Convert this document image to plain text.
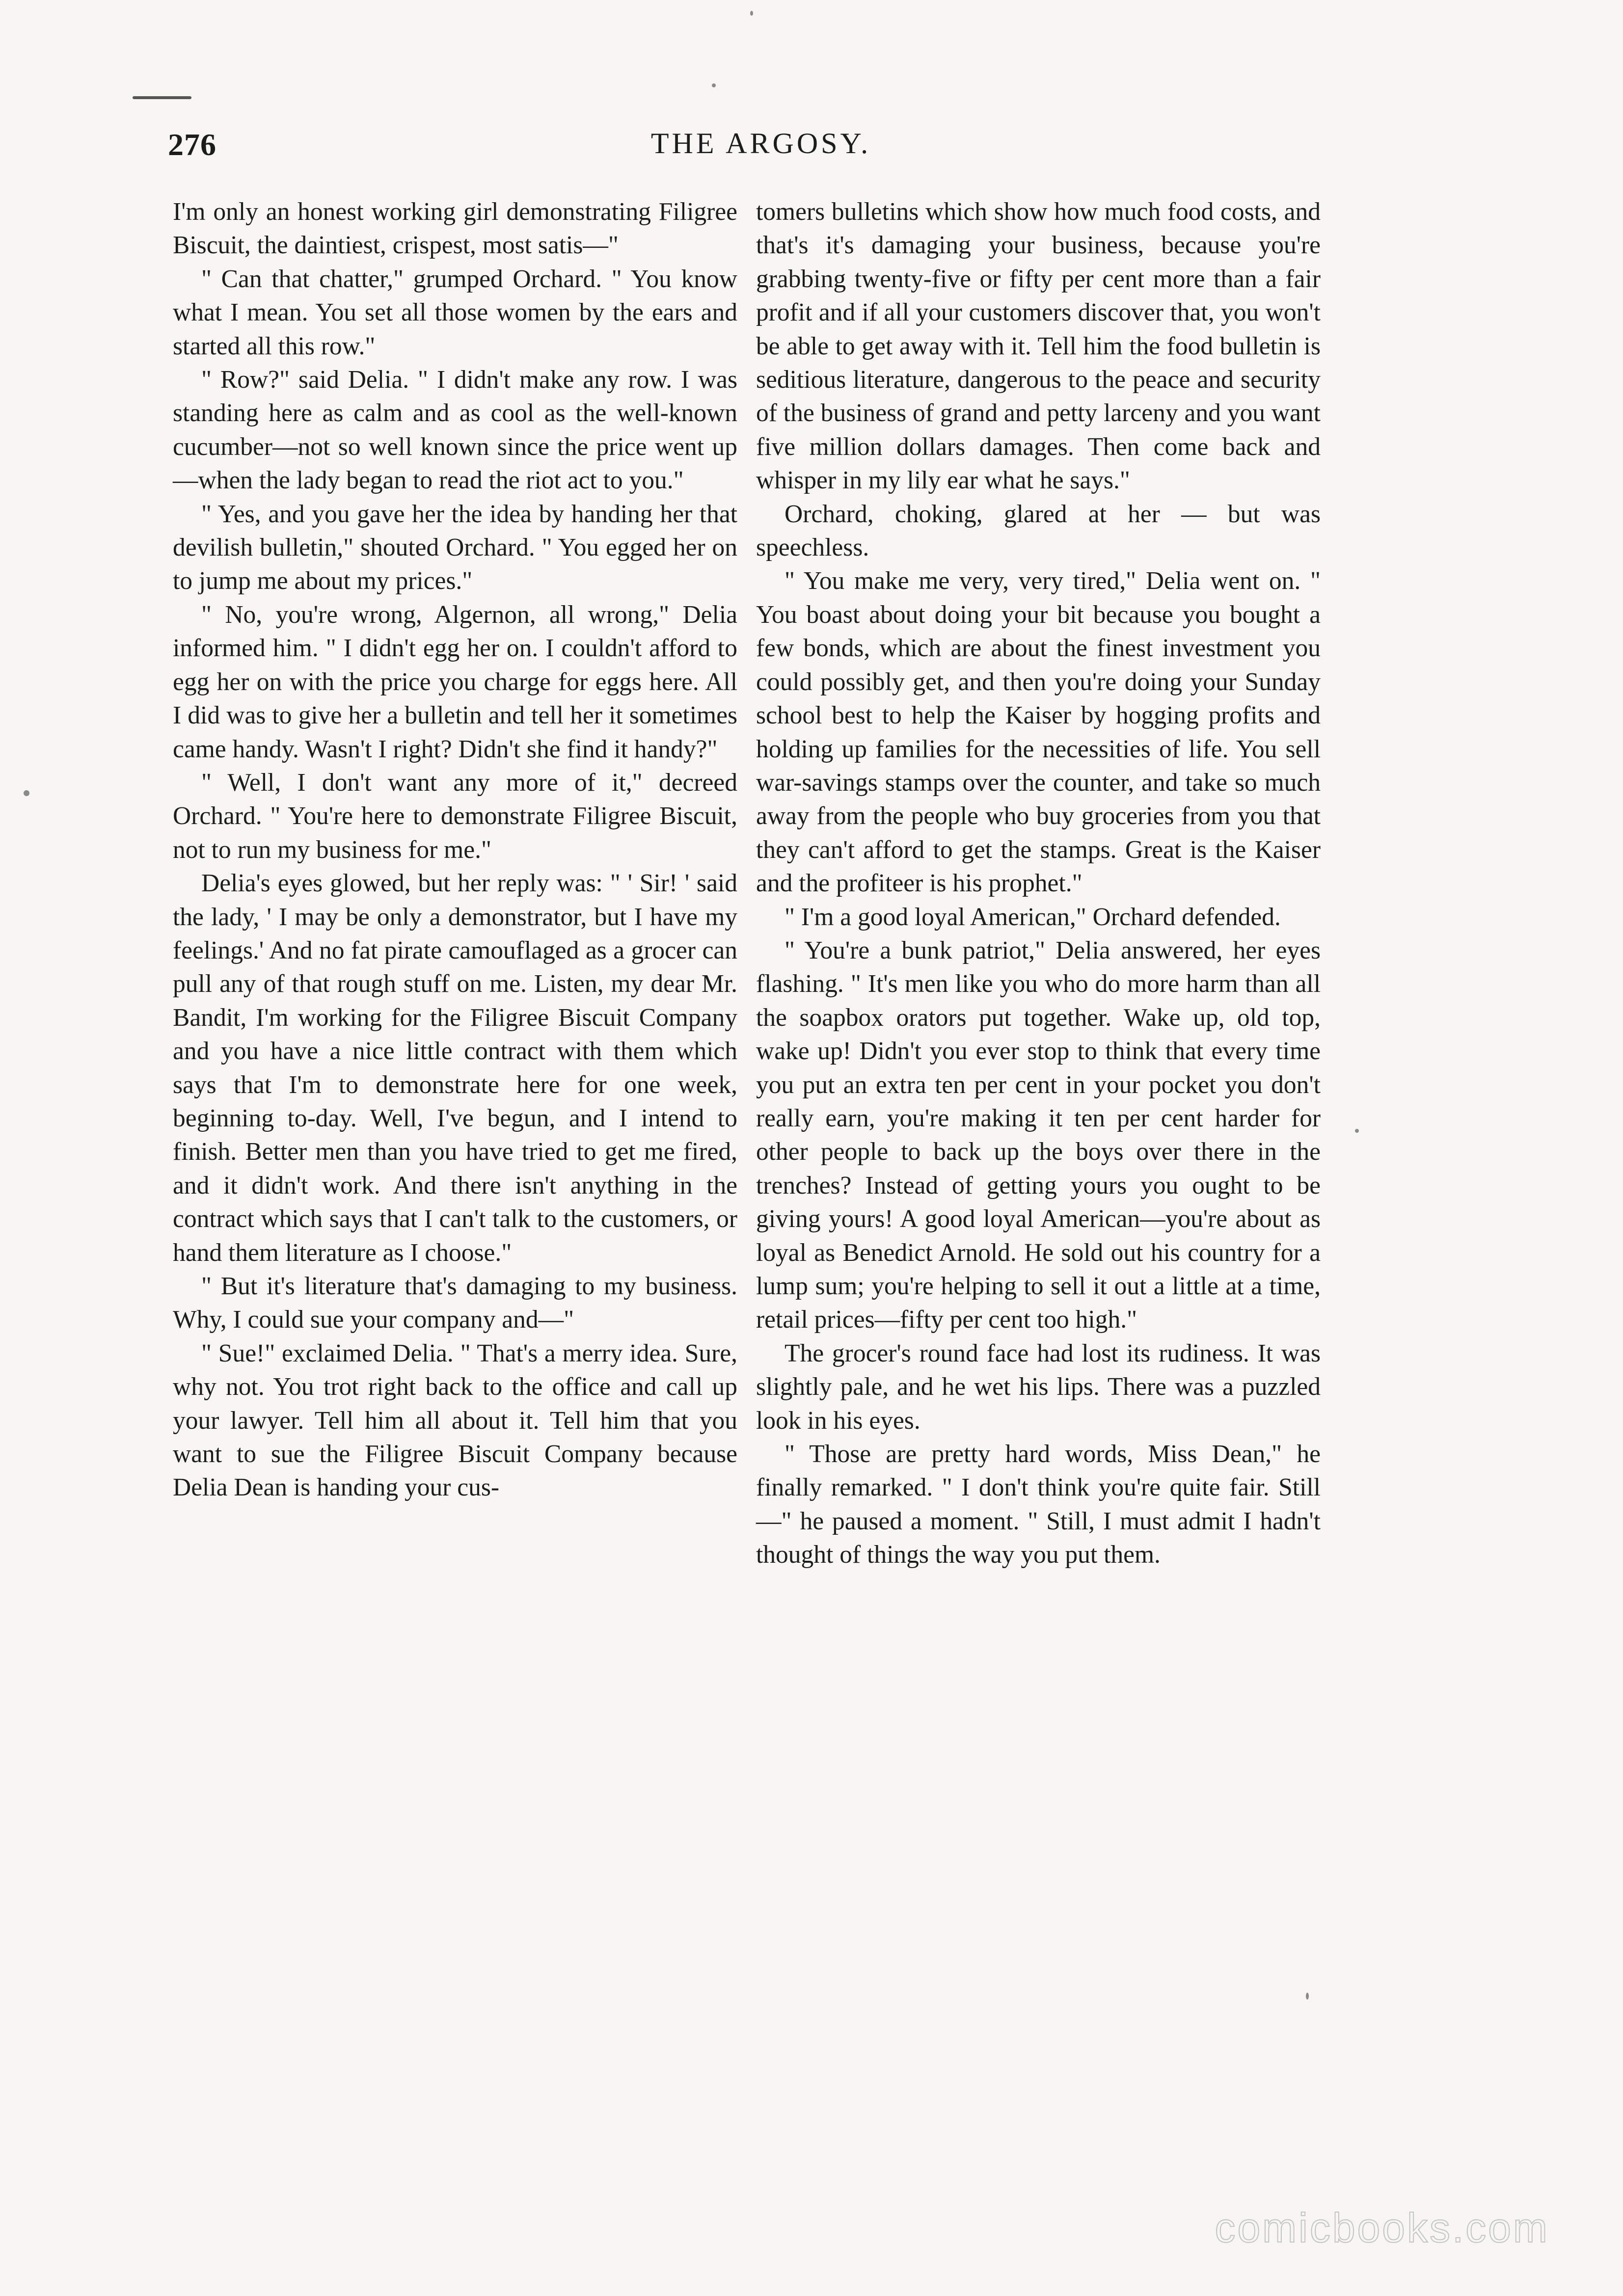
276	THE ARGOSY.

I'm only an honest working girl demonstrating Filigree Biscuit, the daintiest, crispest, most satis—"

" Can that chatter," grumped Orchard. " You know what I mean. You set all those women by the ears and started all this row."

" Row?" said Delia. " I didn't make any row. I was standing here as calm and as cool as the well-known cucumber—not so well known since the price went up—when the lady began to read the riot act to you."

" Yes, and you gave her the idea by handing her that devilish bulletin," shouted Orchard. " You egged her on to jump me about my prices."

" No, you're wrong, Algernon, all wrong," Delia informed him. " I didn't egg her on. I couldn't afford to egg her on with the price you charge for eggs here. All I did was to give her a bulletin and tell her it sometimes came handy. Wasn't I right? Didn't she find it handy?"

" Well, I don't want any more of it," decreed Orchard. " You're here to demonstrate Filigree Biscuit, not to run my business for me."

Delia's eyes glowed, but her reply was: " ' Sir! ' said the lady, ' I may be only a demonstrator, but I have my feelings.' And no fat pirate camouflaged as a grocer can pull any of that rough stuff on me. Listen, my dear Mr. Bandit, I'm working for the Filigree Biscuit Company and you have a nice little contract with them which says that I'm to demonstrate here for one week, beginning to-day. Well, I've begun, and I intend to finish. Better men than you have tried to get me fired, and it didn't work. And there isn't anything in the contract which says that I can't talk to the customers, or hand them literature as I choose."

" But it's literature that's damaging to my business. Why, I could sue your company and—"

" Sue!" exclaimed Delia. " That's a merry idea. Sure, why not. You trot right back to the office and call up your lawyer. Tell him all about it. Tell him that you want to sue the Filigree Biscuit Company because Delia Dean is handing your cus-

tomers bulletins which show how much food costs, and that's it's damaging your business, because you're grabbing twenty-five or fifty per cent more than a fair profit and if all your customers discover that, you won't be able to get away with it. Tell him the food bulletin is seditious literature, dangerous to the peace and security of the business of grand and petty larceny and you want five million dollars damages. Then come back and whisper in my lily ear what he says."

Orchard, choking, glared at her — but was speechless.

" You make me very, very tired," Delia went on. " You boast about doing your bit because you bought a few bonds, which are about the finest investment you could possibly get, and then you're doing your Sunday school best to help the Kaiser by hogging profits and holding up families for the necessities of life. You sell war-savings stamps over the counter, and take so much away from the people who buy groceries from you that they can't afford to get the stamps. Great is the Kaiser and the profiteer is his prophet."

" I'm a good loyal American," Orchard defended.

" You're a bunk patriot," Delia answered, her eyes flashing. " It's men like you who do more harm than all the soapbox orators put together. Wake up, old top, wake up! Didn't you ever stop to think that every time you put an extra ten per cent in your pocket you don't really earn, you're making it ten per cent harder for other people to back up the boys over there in the trenches? Instead of getting yours you ought to be giving yours! A good loyal American—you're about as loyal as Benedict Arnold. He sold out his country for a lump sum; you're helping to sell it out a little at a time, retail prices—fifty per cent too high."

The grocer's round face had lost its rudiness. It was slightly pale, and he wet his lips. There was a puzzled look in his eyes.

" Those are pretty hard words, Miss Dean," he finally remarked. " I don't think you're quite fair. Still—" he paused a moment. " Still, I must admit I hadn't thought of things the way you put them.

comicbooks.com
